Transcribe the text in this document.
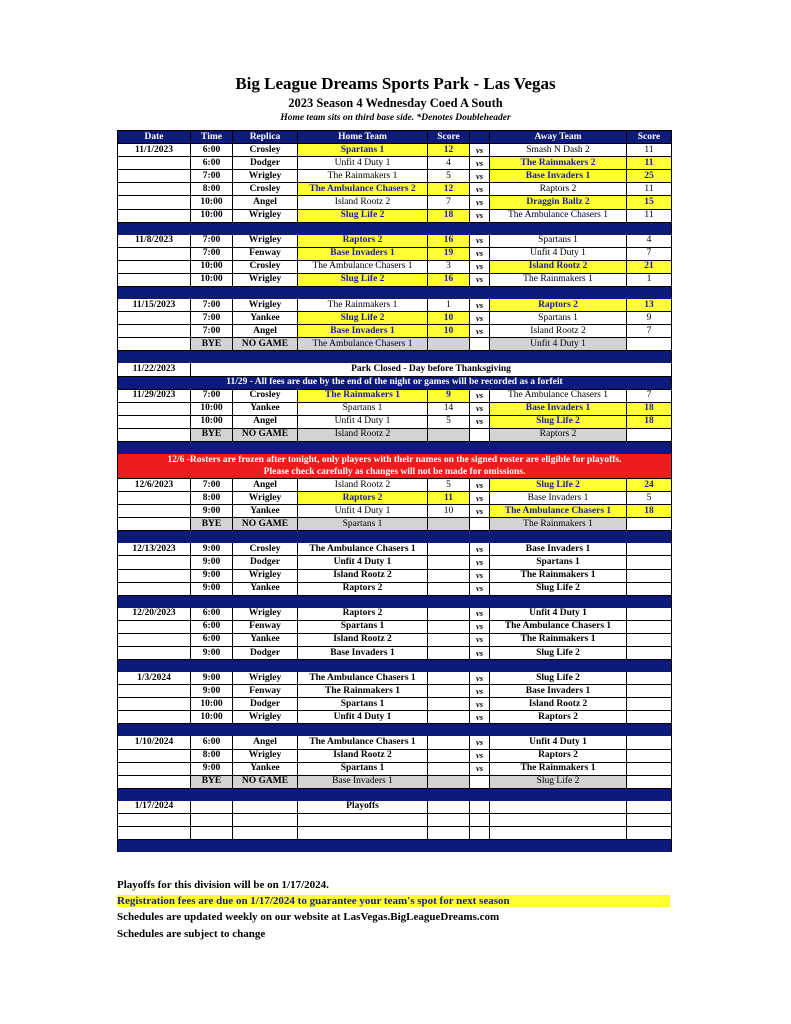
Big League Dreams Sports Park - Las Vegas
2023 Season 4 Wednesday Coed A South
Home team sits on third base side. *Denotes Doubleheader
Date	Time	Replica	Home Team	Score		Away Team	Score
11/1/2023	6:00	Crosley	Spartans 1	12	vs	Smash N Dash 2	11
	6:00	Dodger	Unfit 4 Duty 1	4	vs	The Rainmakers 2	11
	7:00	Wrigley	The Rainmakers 1	5	vs	Base Invaders 1	25
	8:00	Crosley	The Ambulance Chasers 2	12	vs	Raptors 2	11
	10:00	Angel	Island Rootz 2	7	vs	Draggin Ballz 2	15
	10:00	Wrigley	Slug Life 2	18	vs	The Ambulance Chasers 1	11

11/8/2023	7:00	Wrigley	Raptors 2	16	vs	Spartans 1	4
	7:00	Fenway	Base Invaders 1	19	vs	Unfit 4 Duty 1	7
	10:00	Crosley	The Ambulance Chasers 1	3	vs	Island Rootz 2	21
	10:00	Wrigley	Slug Life 2	16	vs	The Rainmakers 1	1

11/15/2023	7:00	Wrigley	The Rainmakers 1	1	vs	Raptors 2	13
	7:00	Yankee	Slug Life 2	10	vs	Spartans 1	9
	7:00	Angel	Base Invaders 1	10	vs	Island Rootz 2	7
	BYE	NO GAME	The Ambulance Chasers 1			Unfit 4 Duty 1	

11/22/2023	Park Closed - Day before Thanksgiving						
11/29 - All fees are due by the end of the night or games will be recorded as a forfeit							
11/29/2023	7:00	Crosley	The Rainmakers 1	9	vs	The Ambulance Chasers 1	7
	10:00	Yankee	Spartans 1	14	vs	Base Invaders 1	18
	10:00	Angel	Unfit 4 Duty 1	5	vs	Slug Life 2	18
	BYE	NO GAME	Island Rootz 2			Raptors 2	

12/6 -Rosters are frozen after tonight, only players with their names on the signed roster are eligible for playoffs.
Please check carefully as changes will not be made for omissions.							

12/6/2023	7:00	Angel	Island Rootz 2	5	vs	Slug Life 2	24
	8:00	Wrigley	Raptors 2	11	vs	Base Invaders 1	5
	9:00	Yankee	Unfit 4 Duty 1	10	vs	The Ambulance Chasers 1	18
	BYE	NO GAME	Spartans 1			The Rainmakers 1	

12/13/2023	9:00	Crosley	The Ambulance Chasers 1		vs	Base Invaders 1	
	9:00	Dodger	Unfit 4 Duty 1		vs	Spartans 1	
	9:00	Wrigley	Island Rootz 2		vs	The Rainmakers 1	
	9:00	Yankee	Raptors 2		vs	Slug Life 2	

12/20/2023	6:00	Wrigley	Raptors 2		vs	Unfit 4 Duty 1	
	6:00	Fenway	Spartans 1		vs	The Ambulance Chasers 1	
	6:00	Yankee	Island Rootz 2		vs	The Rainmakers 1	
	9:00	Dodger	Base Invaders 1		vs	Slug Life 2	

1/3/2024	9:00	Wrigley	The Ambulance Chasers 1		vs	Slug Life 2	
	9:00	Fenway	The Rainmakers 1		vs	Base Invaders 1	
	10:00	Dodger	Spartans 1		vs	Island Rootz 2	
	10:00	Wrigley	Unfit 4 Duty 1		vs	Raptors 2	

1/10/2024	6:00	Angel	The Ambulance Chasers 1		vs	Unfit 4 Duty 1	
	8:00	Wrigley	Island Rootz 2		vs	Raptors 2	
	9:00	Yankee	Spartans 1		vs	The Rainmakers 1	
	BYE	NO GAME	Base Invaders 1			Slug Life 2	

1/17/2024			Playoffs				

Playoffs for this division will be on 1/17/2024.
Registration fees are due on 1/17/2024 to guarantee your team's spot for next season
Schedules are updated weekly on our website at LasVegas.BigLeagueDreams.com
Schedules are subject to change
